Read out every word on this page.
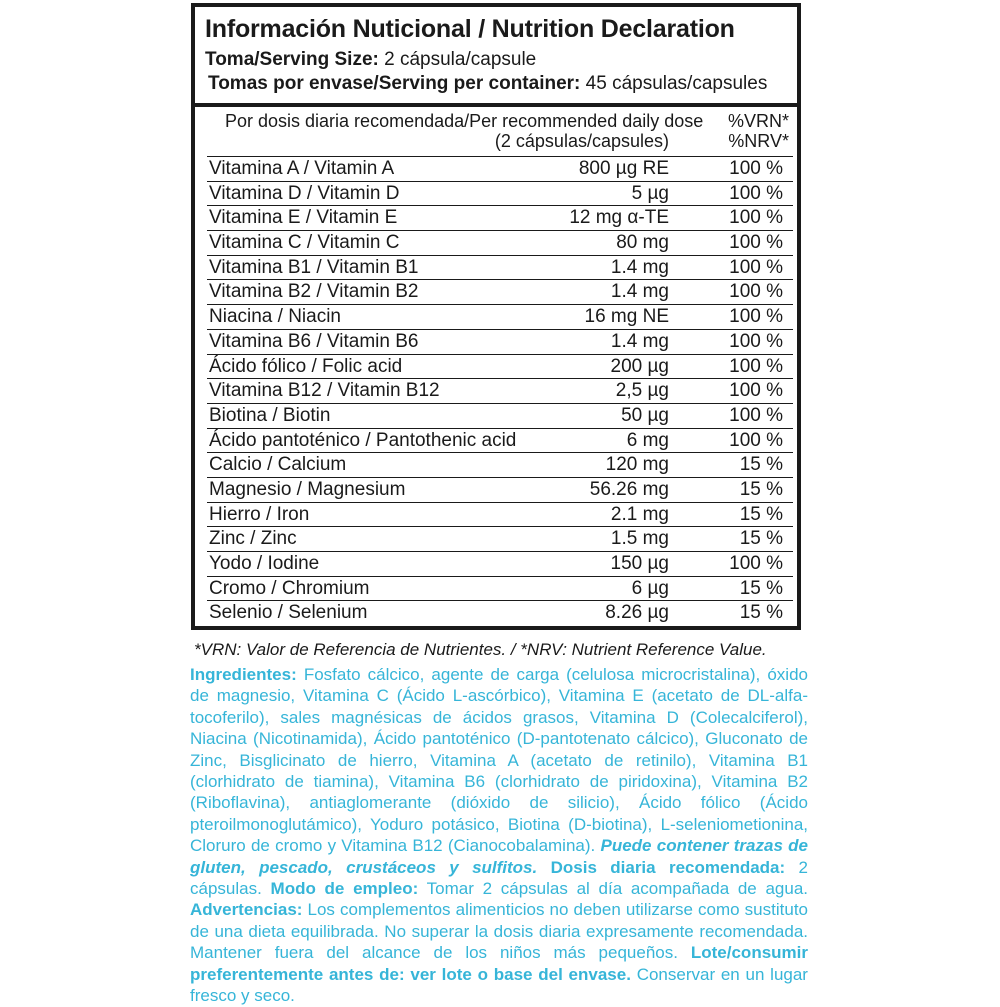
Información Nuticional / Nutrition Declaration
Toma/Serving Size: 2 cápsula/capsule
Tomas por envase/Serving per container: 45 cápsulas/capsules
Por dosis diaria recomendada/Per recommended daily dose
(2 cápsulas/capsules)
%VRN*
%NRV*
Vitamina A / Vitamin A	800 µg RE	100 %
Vitamina D / Vitamin D	5 µg	100 %
Vitamina E / Vitamin E	12 mg α-TE	100 %
Vitamina C / Vitamin C	80 mg	100 %
Vitamina B1 / Vitamin B1	1.4 mg	100 %
Vitamina B2 / Vitamin B2	1.4 mg	100 %
Niacina / Niacin	16 mg NE	100 %
Vitamina B6 / Vitamin B6	1.4 mg	100 %
Ácido fólico / Folic acid	200 µg	100 %
Vitamina B12 / Vitamin B12	2,5 µg	100 %
Biotina / Biotin	50 µg	100 %
Ácido pantoténico / Pantothenic acid	6 mg	100 %
Calcio / Calcium	120 mg	15 %
Magnesio / Magnesium	56.26 mg	15 %
Hierro / Iron	2.1 mg	15 %
Zinc / Zinc	1.5 mg	15 %
Yodo / Iodine	150 µg	100 %
Cromo / Chromium	6 µg	15 %
Selenio / Selenium	8.26 µg	15 %
*VRN: Valor de Referencia de Nutrientes. / *NRV: Nutrient Reference Value.
Ingredientes: Fosfato cálcico, agente de carga (celulosa microcristalina), óxido de magnesio, Vitamina C (Ácido L-ascórbico), Vitamina E (acetato de DL-alfa-tocoferilo), sales magnésicas de ácidos grasos, Vitamina D (Colecalciferol), Niacina (Nicotinamida), Ácido pantoténico (D-pantotenato cálcico), Gluconato de Zinc, Bisglicinato de hierro, Vitamina A (acetato de retinilo), Vitamina B1 (clorhidrato de tiamina), Vitamina B6 (clorhidrato de piridoxina), Vitamina B2 (Riboflavina), antiaglomerante (dióxido de silicio), Ácido fólico (Ácido pteroilmonoglutámico), Yoduro potásico, Biotina (D-biotina), L-seleniometionina, Cloruro de cromo y Vitamina B12 (Cianocobalamina). Puede contener trazas de gluten, pescado, crustáceos y sulfitos. Dosis diaria recomendada: 2 cápsulas. Modo de empleo: Tomar 2 cápsulas al día acompañada de agua. Advertencias: Los complementos alimenticios no deben utilizarse como sustituto de una dieta equilibrada. No superar la dosis diaria expresamente recomendada. Mantener fuera del alcance de los niños más pequeños. Lote/consumir preferentemente antes de: ver lote o base del envase. Conservar en un lugar fresco y seco.
